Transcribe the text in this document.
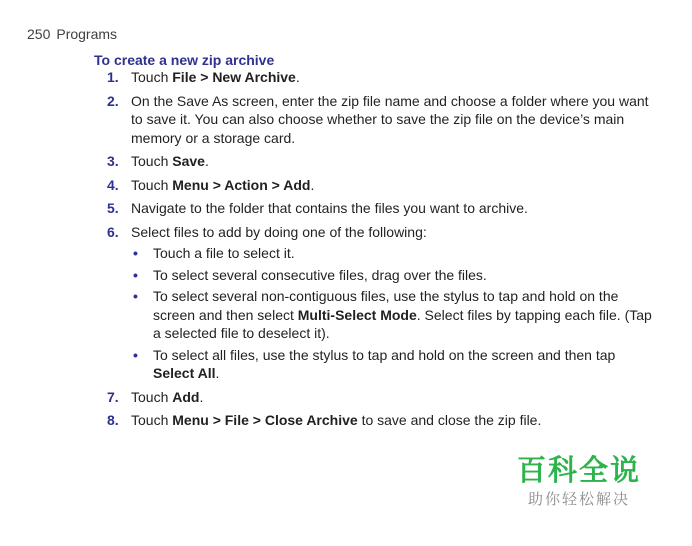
250 Programs
To create a new zip archive
1. Touch File > New Archive.
2. On the Save As screen, enter the zip file name and choose a folder where you want to save it. You can also choose whether to save the zip file on the device’s main memory or a storage card.
3. Touch Save.
4. Touch Menu > Action > Add.
5. Navigate to the folder that contains the files you want to archive.
6. Select files to add by doing one of the following:
• Touch a file to select it.
• To select several consecutive files, drag over the files.
• To select several non-contiguous files, use the stylus to tap and hold on the screen and then select Multi-Select Mode. Select files by tapping each file. (Tap a selected file to deselect it).
• To select all files, use the stylus to tap and hold on the screen and then tap Select All.
7. Touch Add.
8. Touch Menu > File > Close Archive to save and close the zip file.
百科全说
助你轻松解决
